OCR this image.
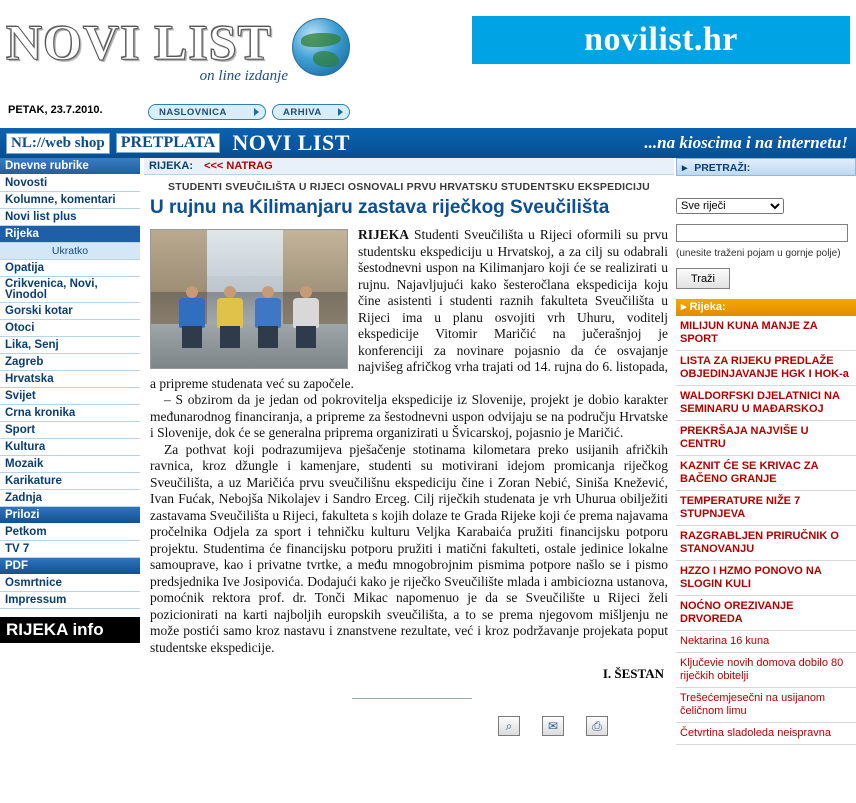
NOVI LIST
on line izdanje
novilist.hr
PETAK, 23.7.2010.	NASLOVNICA	ARHIVA
NL://web shop	PRETPLATA NOVI LIST	...na kioscima i na internetu!
Dnevne rubrike
Novosti
Kolumne, komentari
Novi list plus
Rijeka
Ukratko
Opatija
Crikvenica, Novi, Vinodol
Gorski kotar
Otoci
Lika, Senj
Zagreb
Hrvatska
Svijet
Crna kronika
Sport
Kultura
Mozaik
Karikature
Zadnja
Prilozi
Petkom
TV 7
PDF
Osmrtnice
Impressum
RIJEKA info
RIJEKA: <<< NATRAG
STUDENTI SVEUČILIŠTA U RIJECI OSNOVALI PRVU HRVATSKU STUDENTSKU EKSPEDICIJU
U rujnu na Kilimanjaru zastava riječkog Sveučilišta

RIJEKA Studenti Sveučilišta u Rijeci oformili su prvu studentsku ekspediciju u Hrvatskoj, a za cilj su odabrali šestodnevni uspon na Kilimanjaro koji će se realizirati u rujnu. Najavljujući kako šesteročlana ekspedicija koju čine asistenti i studenti raznih fakulteta Sveučilišta u Rijeci ima u planu osvojiti vrh Uhuru, voditelj ekspedicije Vitomir Maričić na jučerašnjoj je konferenciji za novinare pojasnio da će osvajanje najvišeg afričkog vrha trajati od 14. rujna do 6. listopada, a pripreme studenata već su započele.

– S obzirom da je jedan od pokrovitelja ekspedicije iz Slovenije, projekt je dobio karakter međunarodnog financiranja, a pripreme za šestodnevni uspon odvijaju se na području Hrvatske i Slovenije, dok će se generalna priprema organizirati u Švicarskoj, pojasnio je Maričić.

Za pothvat koji podrazumijeva pješačenje stotinama kilometara preko usijanih afričkih ravnica, kroz džungle i kamenjare, studenti su motivirani idejom promicanja riječkog Sveučilišta, a uz Maričića prvu sveučilišnu ekspediciju čine i Zoran Nebić, Siniša Knežević, Ivan Fućak, Nebojša Nikolajev i Sandro Erceg. Cilj riječkih studenata je vrh Uhurua obilježiti zastavama Sveučilišta u Rijeci, fakulteta s kojih dolaze te Grada Rijeke koji će prema najavama pročelnika Odjela za sport i tehničku kulturu Veljka Karabaića pružiti financijsku potporu projektu. Studentima će financijsku potporu pružiti i matični fakulteti, ostale jedinice lokalne samouprave, kao i privatne tvrtke, a među mnogobrojnim pismima potpore našlo se i pismo predsjednika Ive Josipovića. Dodajući kako je riječko Sveučilište mlada i ambiciozna ustanova, pomoćnik rektora prof. dr. Tonči Mikac napomenuo je da se Sveučilište u Rijeci želi pozicionirati na karti najboljih europskih sveučilišta, a to se prema njegovom mišljenju ne može postići samo kroz nastavu i znanstvene rezultate, već i kroz podržavanje projekata poput studentske ekspedicije.

I. ŠESTAN
⌕	✉	⎙
▸ PRETRAŽI:
Sve riječi
(unesite traženi pojam u gornje polje)
Traži
▸ Rijeka:
MILIJUN KUNA MANJE ZA SPORT
LISTA ZA RIJEKU PREDLAŽE OBJEDINJAVANJE HGK I HOK-a
WALDORFSKI DJELATNICI NA SEMINARU U MAĐARSKOJ
PREKRŠAJA NAJVIŠE U CENTRU
KAZNIT ĆE SE KRIVAC ZA BAČENO GRANJE
TEMPERATURE NIŽE 7 STUPNJEVA
RAZGRABLJEN PRIRUČNIK O STANOVANJU
HZZO I HZMO PONOVO NA SLOGIN KULI
NOĆNO OREZIVANJE DRVOREDA
Nektarina 16 kuna
Ključevie novih domova dobilo 80 riječkih obitelji
Trešećemjesečni na usijanom čeličnom limu
Četvrtina sladoleda neispravna
